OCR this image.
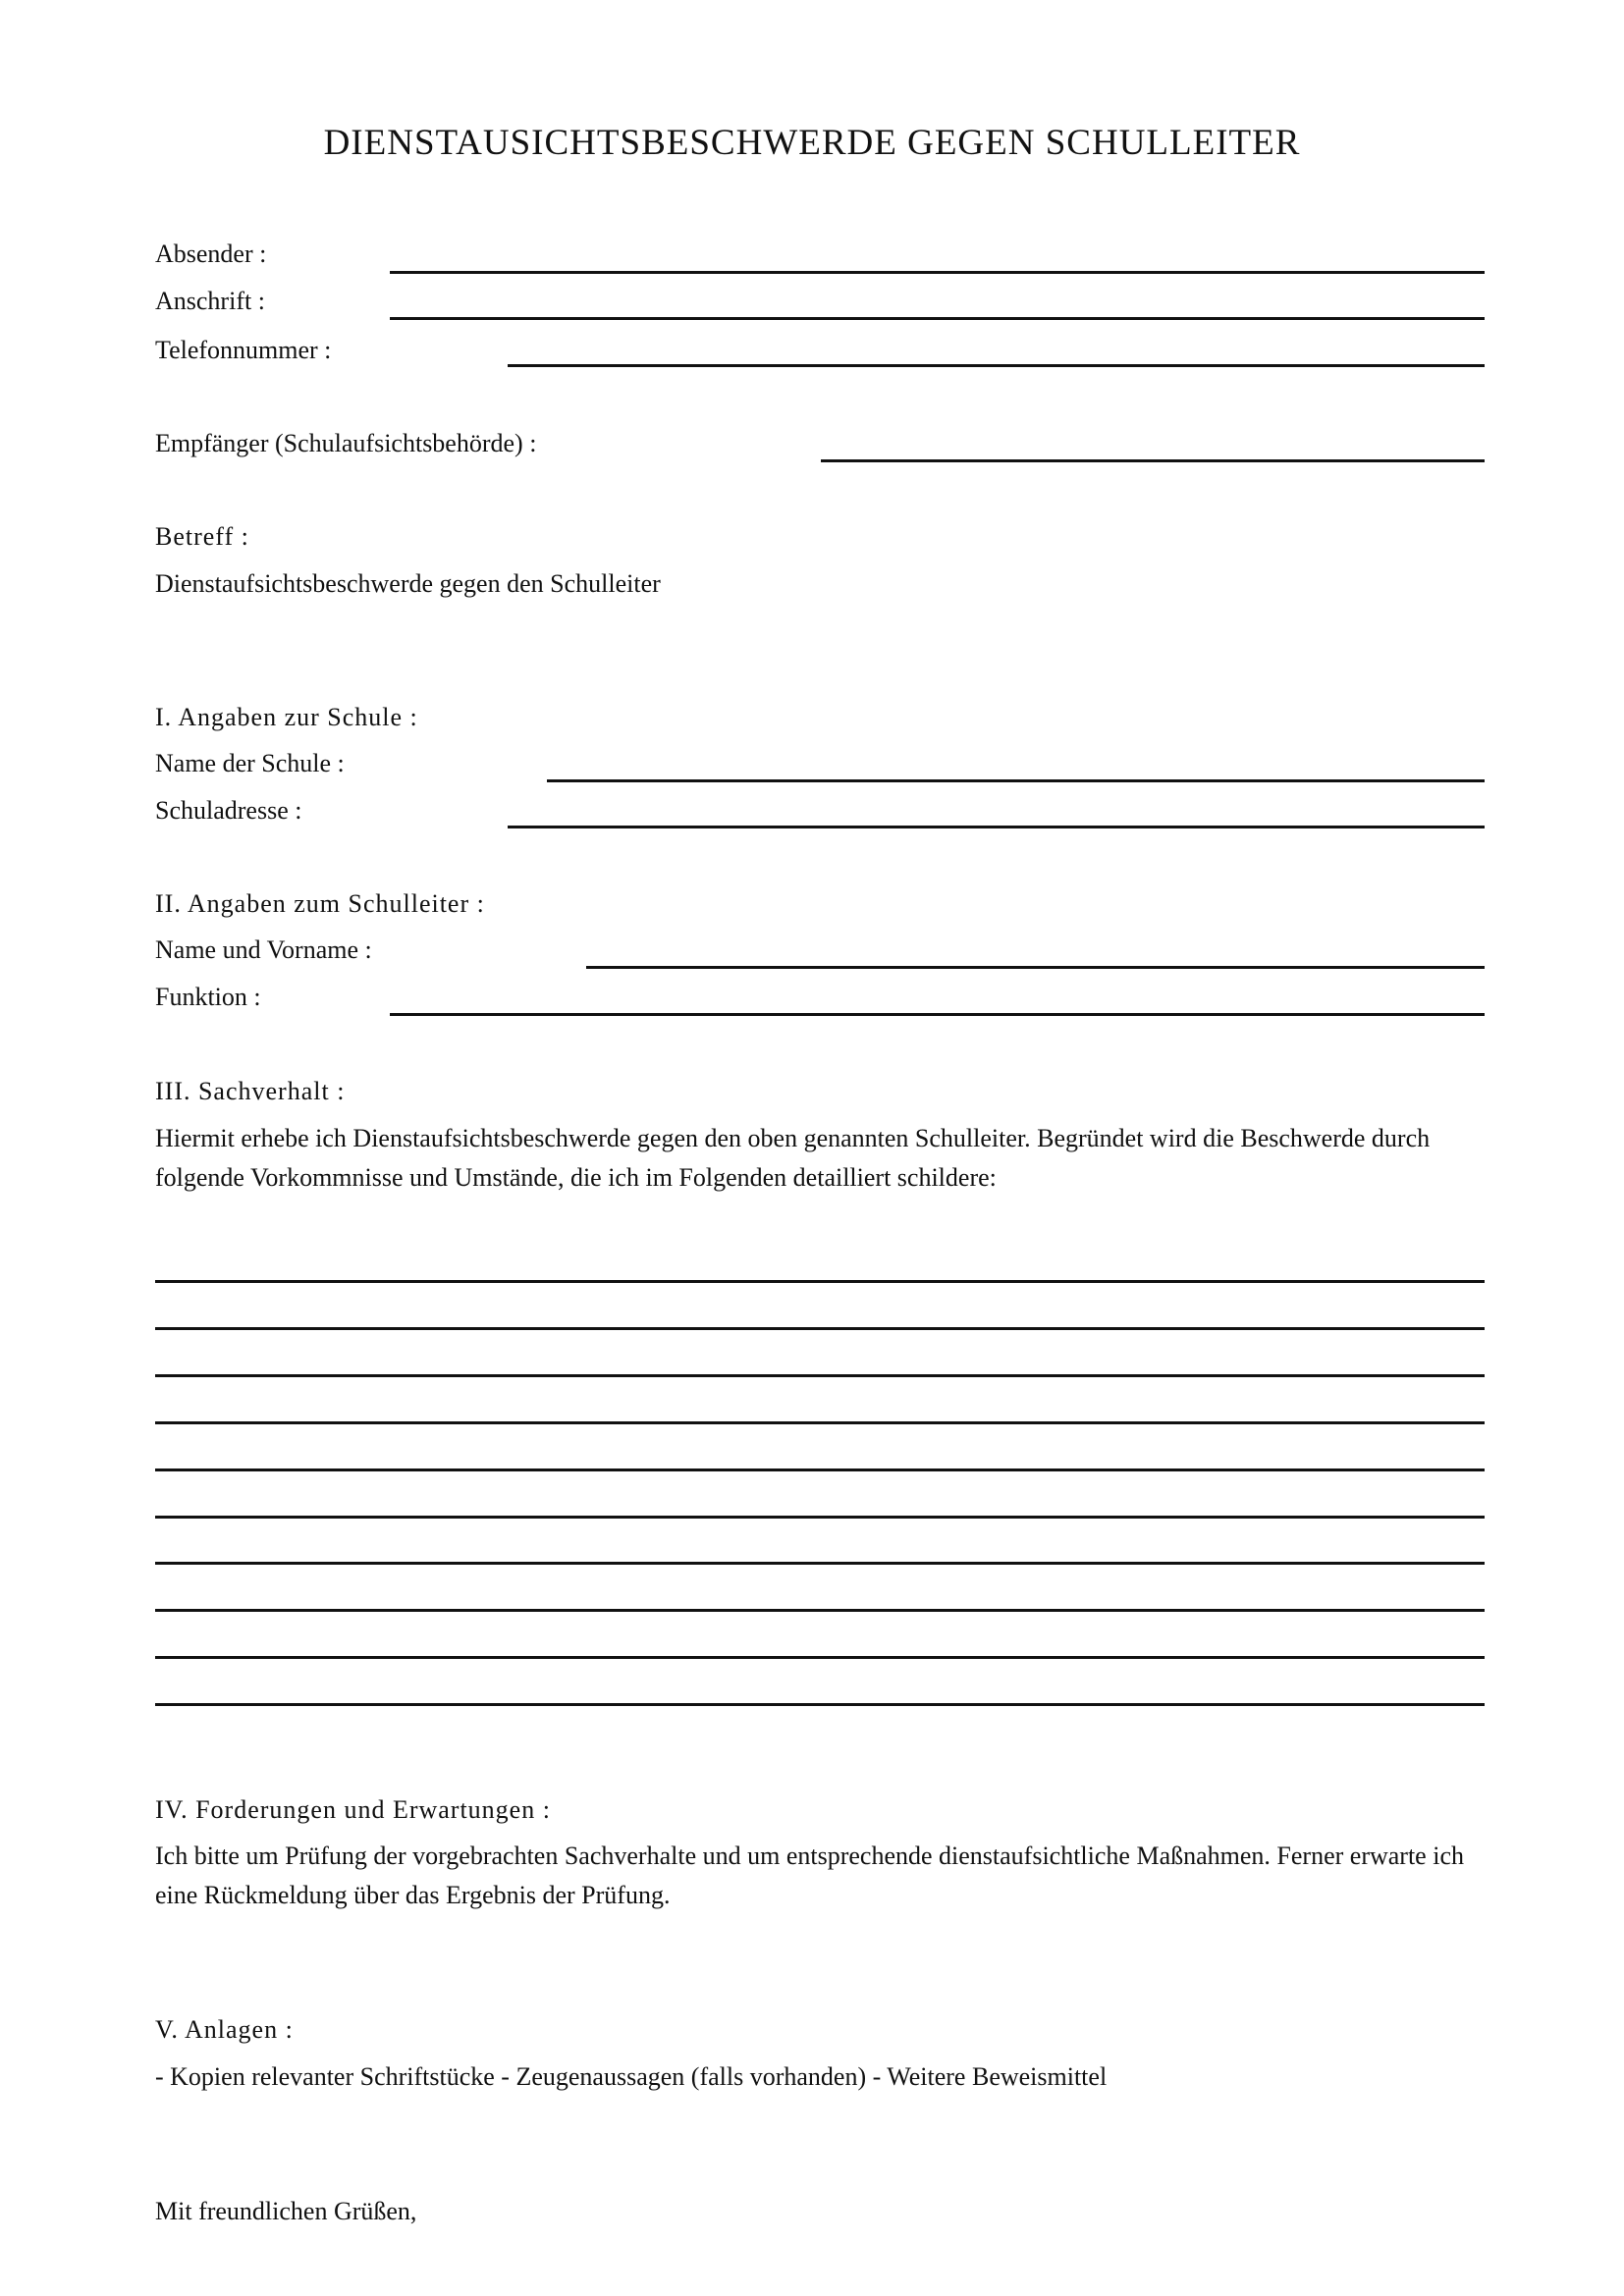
DIENSTAUSICHTSBESCHWERDE GEGEN SCHULLEITER
Absender :
Anschrift :
Telefonnummer :
Empfänger (Schulaufsichtsbehörde) :
Betreff :
Dienstaufsichtsbeschwerde gegen den Schulleiter
I. Angaben zur Schule :
Name der Schule :
Schuladresse :
II. Angaben zum Schulleiter :
Name und Vorname :
Funktion :
III. Sachverhalt :
Hiermit erhebe ich Dienstaufsichtsbeschwerde gegen den oben genannten Schulleiter. Begründet wird die Beschwerde durch folgende Vorkommnisse und Umstände, die ich im Folgenden detailliert schildere:
IV. Forderungen und Erwartungen :
Ich bitte um Prüfung der vorgebrachten Sachverhalte und um entsprechende dienstaufsichtliche Maßnahmen. Ferner erwarte ich eine Rückmeldung über das Ergebnis der Prüfung.
V. Anlagen :
- Kopien relevanter Schriftstücke - Zeugenaussagen (falls vorhanden) - Weitere Beweismittel
Mit freundlichen Grüßen,
